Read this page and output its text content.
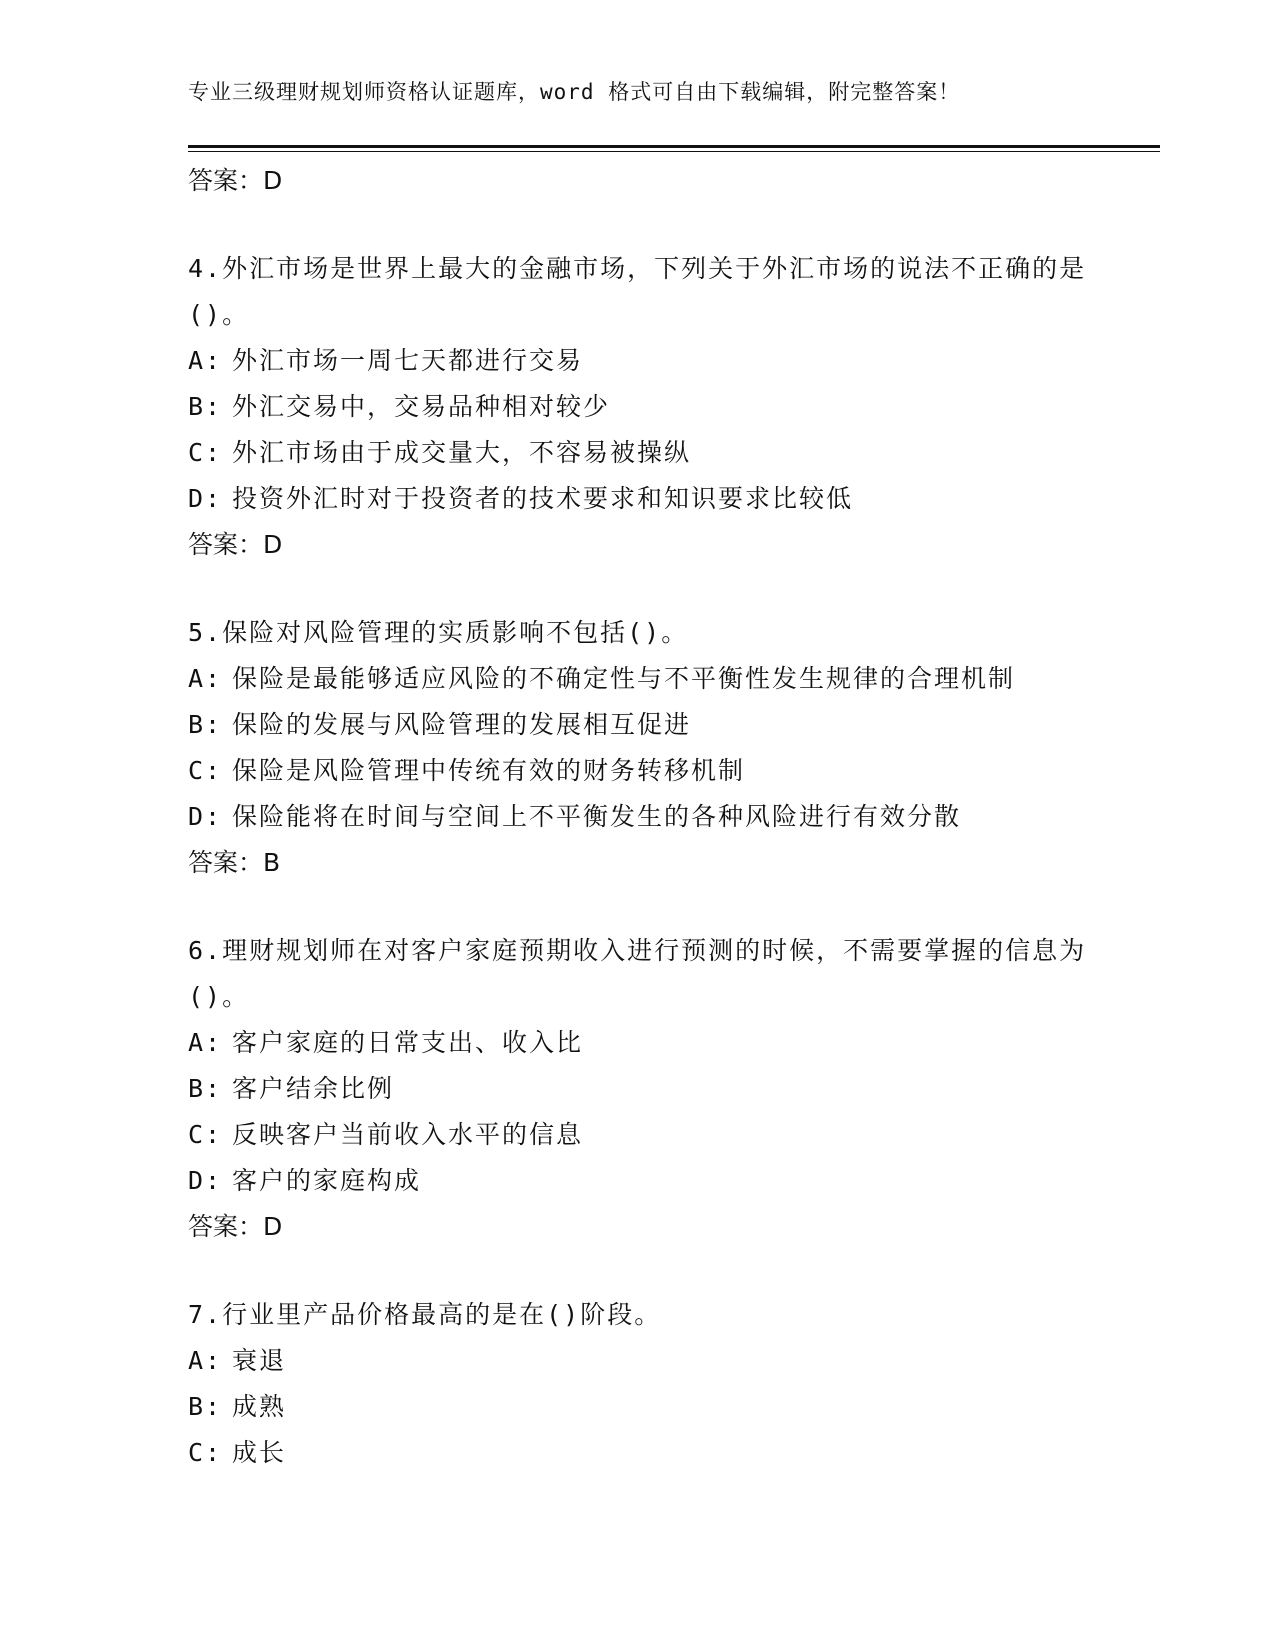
专业三级理财规划师资格认证题库，word 格式可自由下载编辑，附完整答案！
答案：D
4.外汇市场是世界上最大的金融市场，下列关于外汇市场的说法不正确的是()。
A: 外汇市场一周七天都进行交易
B: 外汇交易中，交易品种相对较少
C: 外汇市场由于成交量大，不容易被操纵
D: 投资外汇时对于投资者的技术要求和知识要求比较低
答案：D
5.保险对风险管理的实质影响不包括()。
A: 保险是最能够适应风险的不确定性与不平衡性发生规律的合理机制
B: 保险的发展与风险管理的发展相互促进
C: 保险是风险管理中传统有效的财务转移机制
D: 保险能将在时间与空间上不平衡发生的各种风险进行有效分散
答案：B
6.理财规划师在对客户家庭预期收入进行预测的时候，不需要掌握的信息为()。
A: 客户家庭的日常支出、收入比
B: 客户结余比例
C: 反映客户当前收入水平的信息
D: 客户的家庭构成
答案：D
7.行业里产品价格最高的是在()阶段。
A: 衰退
B: 成熟
C: 成长
